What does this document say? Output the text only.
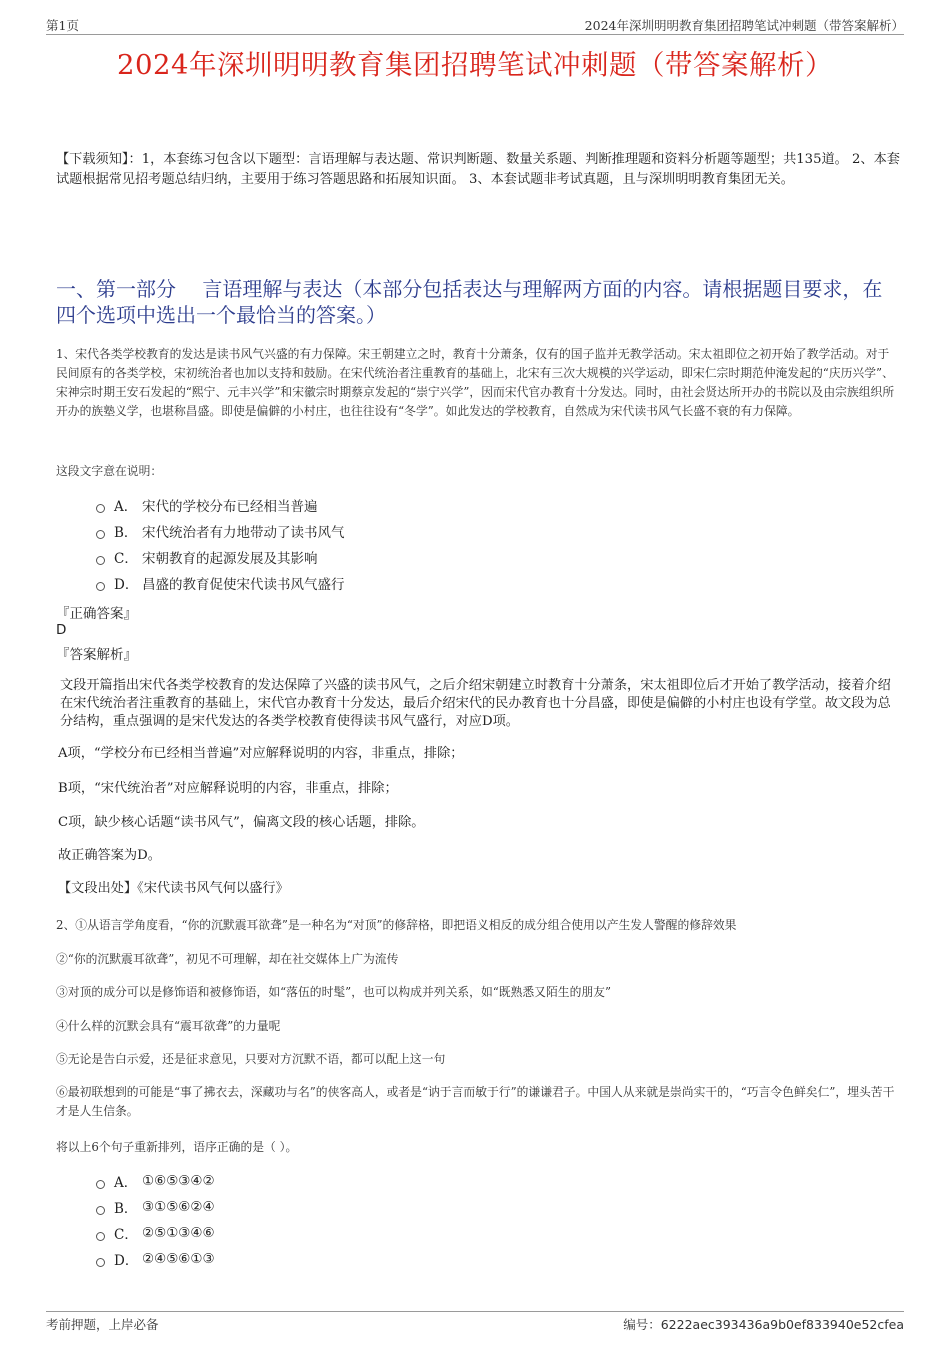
第1页	2024年深圳明明教育集团招聘笔试冲刺题（带答案解析）
2024年深圳明明教育集团招聘笔试冲刺题（带答案解析）
【下载须知】：1，本套练习包含以下题型：言语理解与表达题、常识判断题、数量关系题、判断推理题和资料分析题等题型；共135道。 2、本套试题根据常见招考题总结归纳，主要用于练习答题思路和拓展知识面。 3、本套试题非考试真题，且与深圳明明教育集团无关。
一、第一部分　 言语理解与表达（本部分包括表达与理解两方面的内容。请根据题目要求，在四个选项中选出一个最恰当的答案。）
1、宋代各类学校教育的发达是读书风气兴盛的有力保障。宋王朝建立之时，教育十分萧条，仅有的国子监并无教学活动。宋太祖即位之初开始了教学活动。对于民间原有的各类学校，宋初统治者也加以支持和鼓励。在宋代统治者注重教育的基础上，北宋有三次大规模的兴学运动，即宋仁宗时期范仲淹发起的“庆历兴学”、宋神宗时期王安石发起的“熙宁、元丰兴学”和宋徽宗时期蔡京发起的“崇宁兴学”，因而宋代官办教育十分发达。同时，由社会贤达所开办的书院以及由宗族组织所开办的族塾义学，也堪称昌盛。即使是偏僻的小村庄，也往往设有“冬学”。如此发达的学校教育，自然成为宋代读书风气长盛不衰的有力保障。
这段文字意在说明：
A． 宋代的学校分布已经相当普遍
B． 宋代统治者有力地带动了读书风气
C． 宋朝教育的起源发展及其影响
D． 昌盛的教育促使宋代读书风气盛行
『正确答案』
D
『答案解析』
文段开篇指出宋代各类学校教育的发达保障了兴盛的读书风气，之后介绍宋朝建立时教育十分萧条，宋太祖即位后才开始了教学活动，接着介绍在宋代统治者注重教育的基础上，宋代官办教育十分发达，最后介绍宋代的民办教育也十分昌盛，即使是偏僻的小村庄也设有学堂。故文段为总分结构，重点强调的是宋代发达的各类学校教育使得读书风气盛行，对应D项。
A项，“学校分布已经相当普遍”对应解释说明的内容，非重点，排除；
B项，“宋代统治者”对应解释说明的内容，非重点，排除；
C项，缺少核心话题“读书风气”，偏离文段的核心话题，排除。
故正确答案为D。
【文段出处】《宋代读书风气何以盛行》
2、①从语言学角度看，“你的沉默震耳欲聋”是一种名为“对顶”的修辞格，即把语义相反的成分组合使用以产生发人警醒的修辞效果
②“你的沉默震耳欲聋”，初见不可理解，却在社交媒体上广为流传
③对顶的成分可以是修饰语和被修饰语，如“落伍的时髦”，也可以构成并列关系，如“既熟悉又陌生的朋友”
④什么样的沉默会具有“震耳欲聋”的力量呢
⑤无论是告白示爱，还是征求意见，只要对方沉默不语，都可以配上这一句
⑥最初联想到的可能是“事了拂衣去，深藏功与名”的侠客高人，或者是“讷于言而敏于行”的谦谦君子。中国人从来就是崇尚实干的，“巧言令色鲜矣仁”，埋头苦干才是人生信条。
将以上6个句子重新排列，语序正确的是（ ）。
A． ①⑥⑤③④②
B． ③①⑤⑥②④
C． ②⑤①③④⑥
D． ②④⑤⑥①③
考前押题，上岸必备	编号：6222aec393436a9b0ef833940e52cfea
